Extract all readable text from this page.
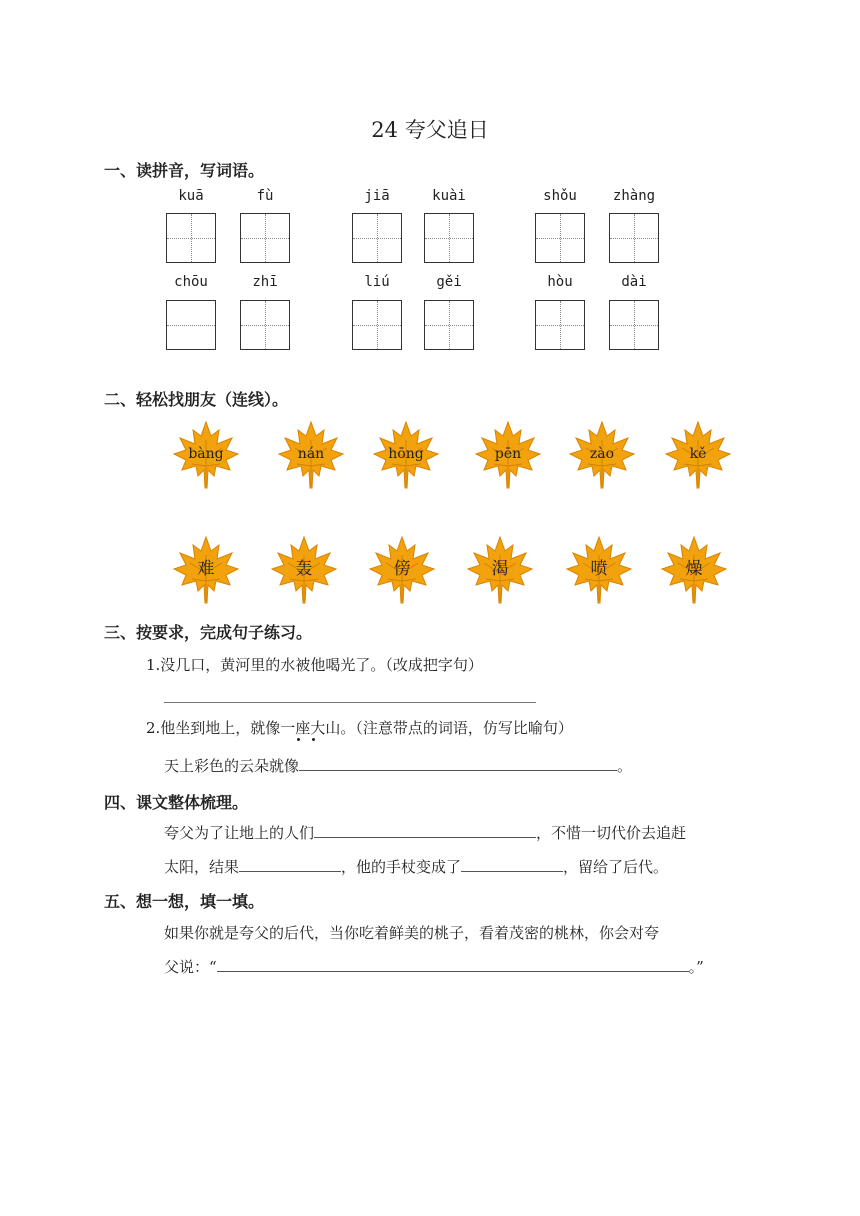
24 夸父追日
一、读拼音，写词语。
kuā	fù	jiā	kuài	shǒu	zhàng
chōu	zhī	liú	gěi	hòu	dài
二、轻松找朋友（连线）。
bàng	nán	hōng	pēn	zào	kě
难	轰	傍	渴	喷	燥
三、按要求，完成句子练习。
1.没几口，黄河里的水被他喝光了。（改成把字句）
2.他坐到地上，就像一座大山。（注意带点的词语，仿写比喻句）
天上彩色的云朵就像	。
四、课文整体梳理。
夸父为了让地上的人们	，不惜一切代价去追赶
太阳，结果	，他的手杖变成了	，留给了后代。
五、想一想，填一填。
如果你就是夸父的后代，当你吃着鲜美的桃子，看着茂密的桃林，你会对夸
父说：“	。”
